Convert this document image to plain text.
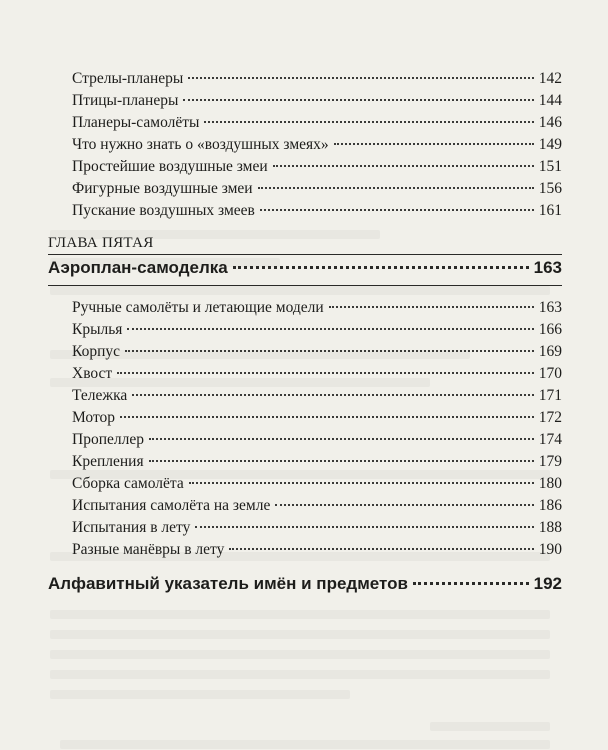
Стрелы-планеры	142
Птицы-планеры	144
Планеры-самолёты	146
Что нужно знать о «воздушных змеях»	149
Простейшие воздушные змеи	151
Фигурные воздушные змеи	156
Пускание воздушных змеев	161
ГЛАВА ПЯТАЯ
Аэроплан-самоделка	163
Ручные самолёты и летающие модели	163
Крылья	166
Корпус	169
Хвост	170
Тележка	171
Мотор	172
Пропеллер	174
Крепления	179
Сборка самолёта	180
Испытания самолёта на земле	186
Испытания в лету	188
Разные манёвры в лету	190
Алфавитный указатель имён и предметов	192
